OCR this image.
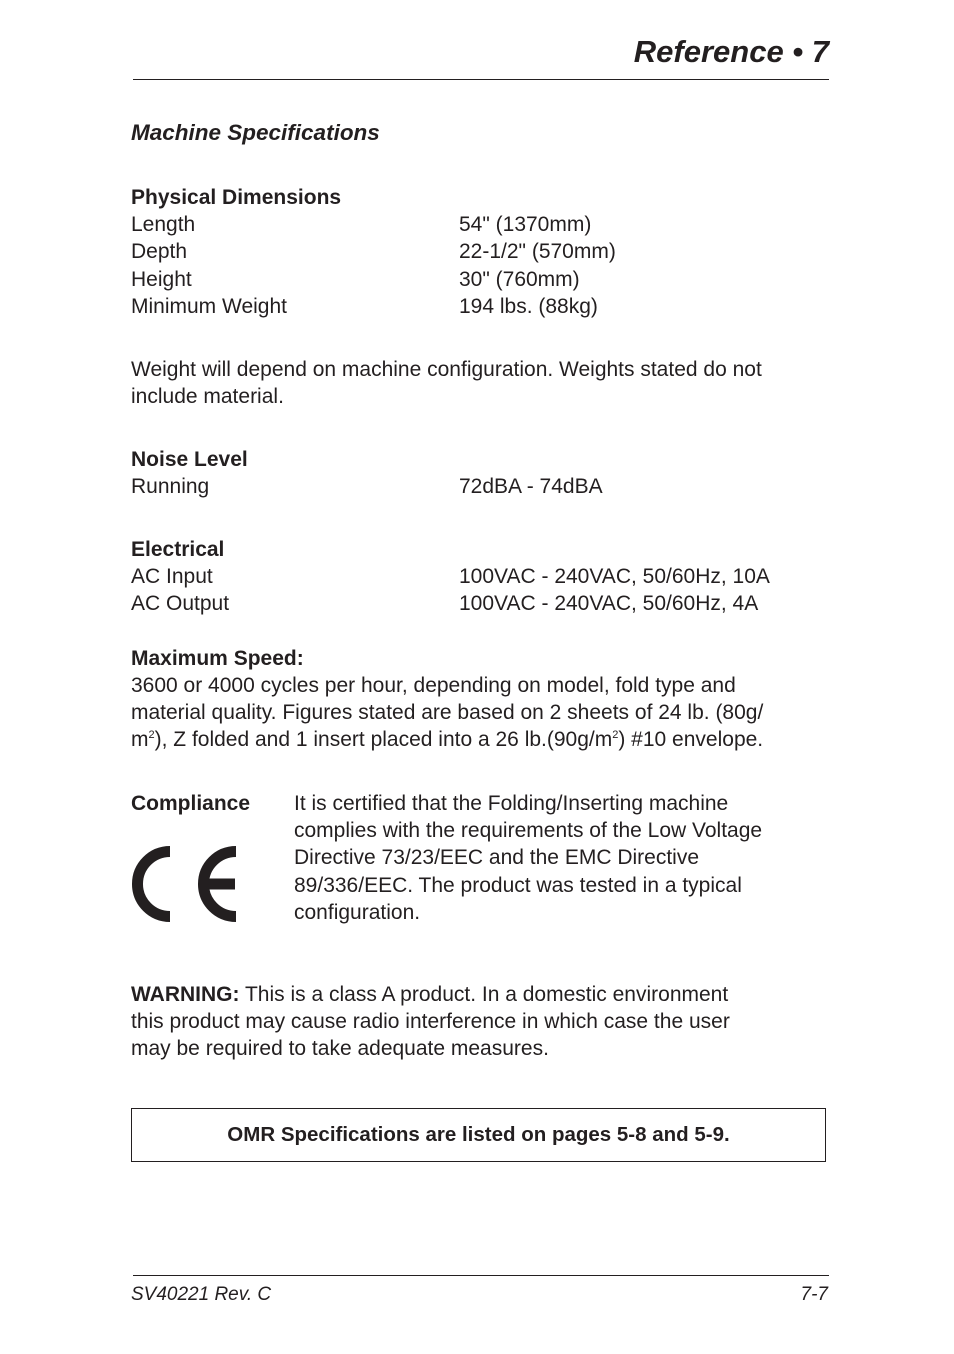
Reference • 7
Machine Specifications
Physical Dimensions
Length	54" (1370mm)
Depth	22-1/2" (570mm)
Height	30" (760mm)
Minimum Weight	194 lbs. (88kg)

Weight will depend on machine configuration. Weights stated do not

include material.

Noise Level
Running	72dBA - 74dBA
Electrical
AC Input	100VAC - 240VAC, 50/60Hz, 10A
AC Output	100VAC - 240VAC, 50/60Hz, 4A
Maximum Speed:

3600 or 4000 cycles per hour, depending on model, fold type and

material quality. Figures stated are based on 2 sheets of 24 lb. (80g/

$m^2$), Z folded and 1 insert placed into a 26 $lb.(90g/m^2)$ #10 envelope.

Compliance It is certified that the Folding/Inserting machine

complies with the requirements of the Low Voltage

Directive 73/23/EEC and the EMC Directive

89/336/EEC. The product was tested in a typical

configuration.

WARNING: This is a class A product. In a domestic environment

this product may cause radio interference in which case the user

may be required to take adequate measures.

OMR Specifications are listed on pages 5-8 and 5-9.
SV40221 Rev. C	7-7
